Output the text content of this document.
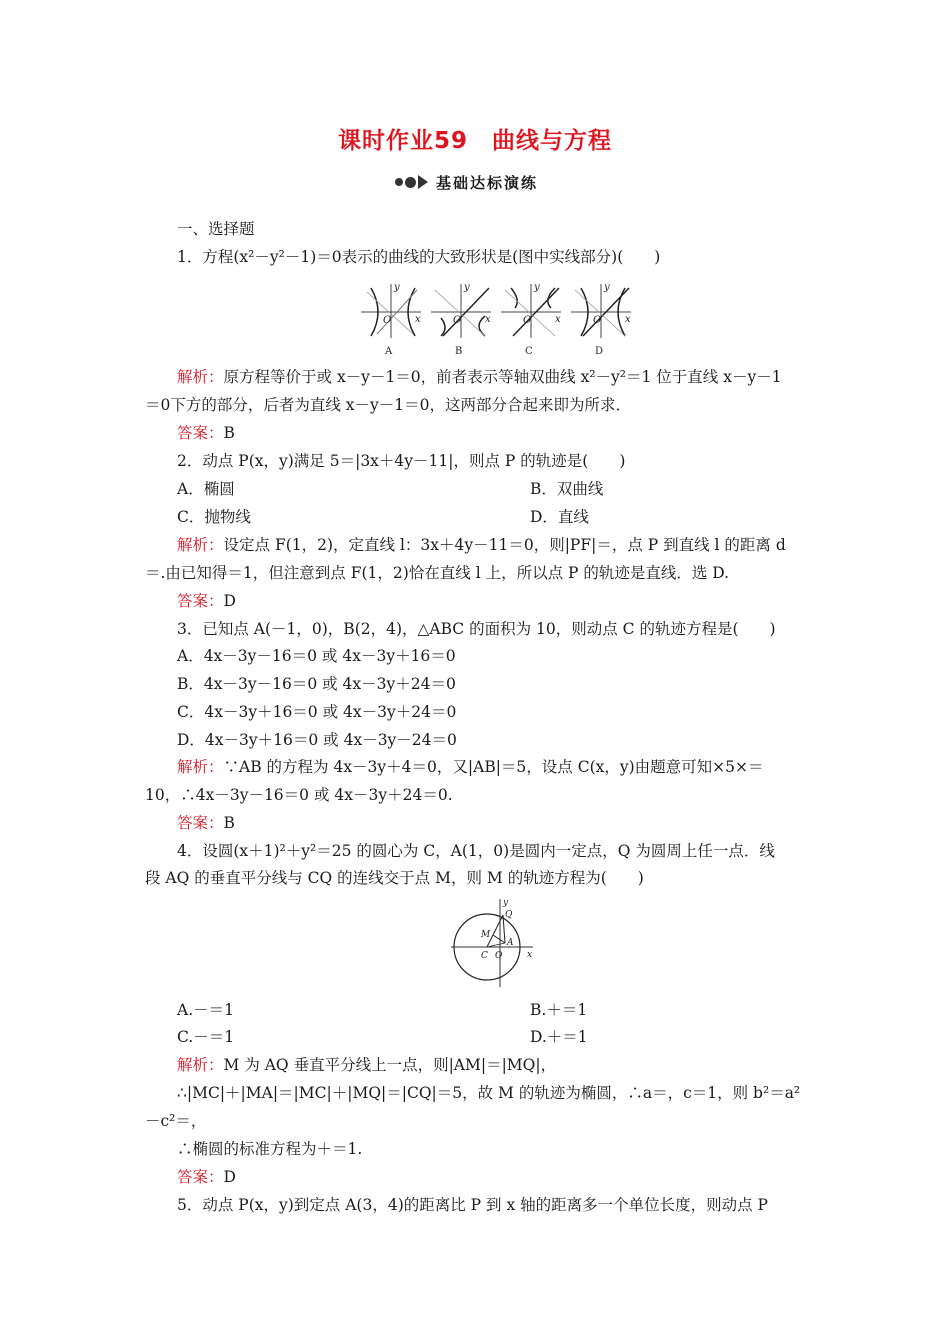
课时作业59　曲线与方程
基础达标演练
一、选择题
1．方程(x²－y²－1)＝0表示的曲线的大致形状是(图中实线部分)(　　)
y
x
O
A
y
x
O
B
y
x
O
C
y
x
O
D
解析：原方程等价于或 x－y－1＝0，前者表示等轴双曲线 x²－y²＝1 位于直线 x－y－1
＝0下方的部分，后者为直线 x－y－1＝0，这两部分合起来即为所求．
答案：B
2．动点 P(x，y)满足 5＝|3x＋4y－11|，则点 P 的轨迹是(　　)
A．椭圆	B．双曲线
C．抛物线	D．直线
解析：设定点 F(1，2)，定直线 l：3x＋4y－11＝0，则|PF|＝，点 P 到直线 l 的距离 d
＝.由已知得＝1，但注意到点 F(1，2)恰在直线 l 上，所以点 P 的轨迹是直线．选 D.
答案：D
3．已知点 A(－1，0)，B(2，4)，△ABC 的面积为 10，则动点 C 的轨迹方程是(　　)
A．4x－3y－16＝0 或 4x－3y＋16＝0
B．4x－3y－16＝0 或 4x－3y＋24＝0
C．4x－3y＋16＝0 或 4x－3y＋24＝0
D．4x－3y＋16＝0 或 4x－3y－24＝0
解析：∵AB 的方程为 4x－3y＋4＝0，又|AB|＝5，设点 C(x，y)由题意可知×5×＝
10，∴4x－3y－16＝0 或 4x－3y＋24＝0.
答案：B
4．设圆(x＋1)²＋y²＝25 的圆心为 C，A(1，0)是圆内一定点，Q 为圆周上任一点．线
段 AQ 的垂直平分线与 CQ 的连线交于点 M，则 M 的轨迹方程为(　　)
y
Q
M
A
C O	x
A.－＝1	B.＋＝1
C.－＝1	D.＋＝1
解析：M 为 AQ 垂直平分线上一点，则|AM|＝|MQ|，
∴|MC|＋|MA|＝|MC|＋|MQ|＝|CQ|＝5，故 M 的轨迹为椭圆，∴a＝，c＝1，则 b²＝a²
－c²＝，
∴椭圆的标准方程为＋＝1.
答案：D
5．动点 P(x，y)到定点 A(3，4)的距离比 P 到 x 轴的距离多一个单位长度，则动点 P
